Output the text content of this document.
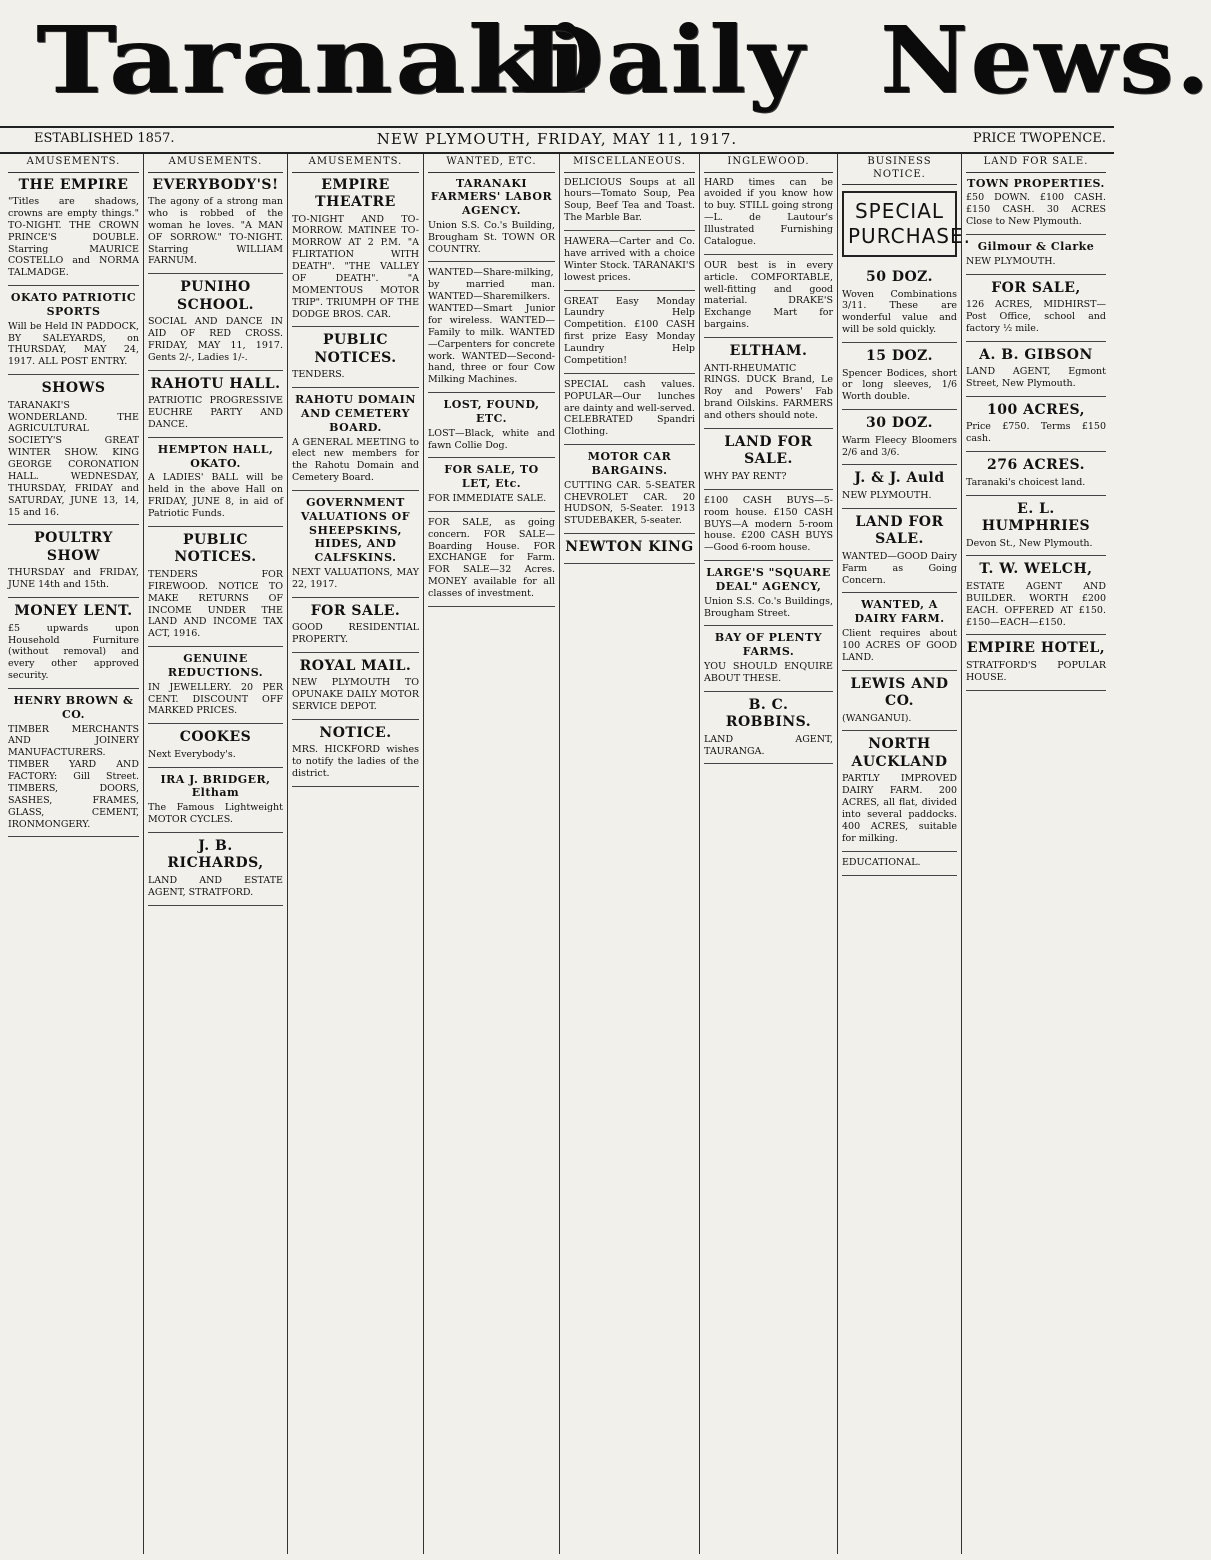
Taranaki
Daily News.
NEW PLYMOUTH, FRIDAY, MAY 11, 1917.
ESTABLISHED 1857.	PRICE TWOPENCE.
AMUSEMENTS.
THE EMPIRE
"Titles are shadows, crowns are empty things." TO-NIGHT. THE CROWN PRINCE'S DOUBLE. Starring MAURICE COSTELLO and NORMA TALMADGE.
OKATO PATRIOTIC SPORTS
Will be Held IN PADDOCK, BY SALEYARDS, on THURSDAY, MAY 24, 1917. ALL POST ENTRY.
SHOWS
TARANAKI'S WONDERLAND. THE AGRICULTURAL SOCIETY'S GREAT WINTER SHOW. KING GEORGE CORONATION HALL. WEDNESDAY, THURSDAY, FRIDAY and SATURDAY, JUNE 13, 14, 15 and 16.
POULTRY SHOW
THURSDAY and FRIDAY, JUNE 14th and 15th.
MONEY LENT.
£5 upwards upon Household Furniture (without removal) and every other approved security.
HENRY BROWN & CO.
TIMBER MERCHANTS AND JOINERY MANUFACTURERS. TIMBER YARD AND FACTORY: Gill Street. TIMBERS, DOORS, SASHES, FRAMES, GLASS, CEMENT, IRONMONGERY.
AMUSEMENTS.
EVERYBODY'S!
The agony of a strong man who is robbed of the woman he loves. "A MAN OF SORROW." TO-NIGHT. Starring WILLIAM FARNUM.
PUNIHO SCHOOL.
SOCIAL AND DANCE IN AID OF RED CROSS. FRIDAY, MAY 11, 1917. Gents 2/-, Ladies 1/-.
RAHOTU HALL.
PATRIOTIC PROGRESSIVE EUCHRE PARTY AND DANCE.
HEMPTON HALL, OKATO.
A LADIES' BALL will be held in the above Hall on FRIDAY, JUNE 8, in aid of Patriotic Funds.
PUBLIC NOTICES.
TENDERS FOR FIREWOOD. NOTICE TO MAKE RETURNS OF INCOME UNDER THE LAND AND INCOME TAX ACT, 1916.
GENUINE REDUCTIONS.
IN JEWELLERY. 20 PER CENT. DISCOUNT OFF MARKED PRICES.
COOKES
Next Everybody's.
IRA J. BRIDGER, Eltham
The Famous Lightweight MOTOR CYCLES.
J. B. RICHARDS,
LAND AND ESTATE AGENT, STRATFORD.
AMUSEMENTS.
EMPIRE THEATRE
TO-NIGHT AND TO-MORROW. MATINEE TO-MORROW AT 2 P.M. "A FLIRTATION WITH DEATH". "THE VALLEY OF DEATH". "A MOMENTOUS MOTOR TRIP". TRIUMPH OF THE DODGE BROS. CAR.
PUBLIC NOTICES.
TENDERS.
RAHOTU DOMAIN AND CEMETERY BOARD.
A GENERAL MEETING to elect new members for the Rahotu Domain and Cemetery Board.
GOVERNMENT VALUATIONS OF SHEEPSKINS, HIDES, AND CALFSKINS.
NEXT VALUATIONS, MAY 22, 1917.
FOR SALE.
GOOD RESIDENTIAL PROPERTY.
ROYAL MAIL.
NEW PLYMOUTH TO OPUNAKE DAILY MOTOR SERVICE DEPOT.
NOTICE.
MRS. HICKFORD wishes to notify the ladies of the district.
WANTED, ETC.
TARANAKI FARMERS' LABOR AGENCY.
Union S.S. Co.'s Building, Brougham St. TOWN OR COUNTRY.
WANTED—Share-milking, by married man. WANTED—Sharemilkers. WANTED—Smart Junior for wireless. WANTED—Family to milk. WANTED—Carpenters for concrete work. WANTED—Second-hand, three or four Cow Milking Machines.
LOST, FOUND, ETC.
LOST—Black, white and fawn Collie Dog.
FOR SALE, TO LET, Etc.
FOR IMMEDIATE SALE.
FOR SALE, as going concern. FOR SALE—Boarding House. FOR EXCHANGE for Farm. FOR SALE—32 Acres. MONEY available for all classes of investment.
MISCELLANEOUS.
DELICIOUS Soups at all hours—Tomato Soup, Pea Soup, Beef Tea and Toast. The Marble Bar.
HAWERA—Carter and Co. have arrived with a choice Winter Stock. TARANAKI'S lowest prices.
GREAT Easy Monday Laundry Help Competition. £100 CASH first prize Easy Monday Laundry Help Competition!
SPECIAL cash values. POPULAR—Our lunches are dainty and well-served. CELEBRATED Spandri Clothing.
MOTOR CAR BARGAINS.
CUTTING CAR. 5-SEATER CHEVROLET CAR. 20 HUDSON, 5-Seater. 1913 STUDEBAKER, 5-seater.
NEWTON KING
INGLEWOOD.
HARD times can be avoided if you know how to buy. STILL going strong—L. de Lautour's Illustrated Furnishing Catalogue.
OUR best is in every article. COMFORTABLE, well-fitting and good material. DRAKE'S Exchange Mart for bargains.
ELTHAM.
ANTI-RHEUMATIC RINGS. DUCK Brand, Le Roy and Powers' Fab brand Oilskins. FARMERS and others should note.
LAND FOR SALE.
WHY PAY RENT?
£100 CASH BUYS—5-room house. £150 CASH BUYS—A modern 5-room house. £200 CASH BUYS—Good 6-room house.
LARGE'S "SQUARE DEAL" AGENCY,
Union S.S. Co.'s Buildings, Brougham Street.
BAY OF PLENTY FARMS.
YOU SHOULD ENQUIRE ABOUT THESE.
B. C. ROBBINS.
LAND AGENT, TAURANGA.
BUSINESS NOTICE.
SPECIAL
PURCHASE.
50 DOZ.
Woven Combinations 3/11. These are wonderful value and will be sold quickly.
15 DOZ.
Spencer Bodices, short or long sleeves, 1/6 Worth double.
30 DOZ.
Warm Fleecy Bloomers 2/6 and 3/6.
J. & J. Auld
NEW PLYMOUTH.
LAND FOR SALE.
WANTED—GOOD Dairy Farm as Going Concern.
WANTED, A DAIRY FARM.
Client requires about 100 ACRES OF GOOD LAND.
LEWIS AND CO.
(WANGANUI).
NORTH AUCKLAND
PARTLY IMPROVED DAIRY FARM. 200 ACRES, all flat, divided into several paddocks. 400 ACRES, suitable for milking.
EDUCATIONAL.
LAND FOR SALE.
TOWN PROPERTIES.
£50 DOWN. £100 CASH. £150 CASH. 30 ACRES Close to New Plymouth.
Gilmour & Clarke
NEW PLYMOUTH.
FOR SALE,
126 ACRES, MIDHIRST—Post Office, school and factory ½ mile.
A. B. GIBSON
LAND AGENT, Egmont Street, New Plymouth.
100 ACRES,
Price £750. Terms £150 cash.
276 ACRES.
Taranaki's choicest land.
E. L. HUMPHRIES
Devon St., New Plymouth.
T. W. WELCH,
ESTATE AGENT AND BUILDER. WORTH £200 EACH. OFFERED AT £150. £150—EACH—£150.
EMPIRE HOTEL,
STRATFORD'S POPULAR HOUSE.
